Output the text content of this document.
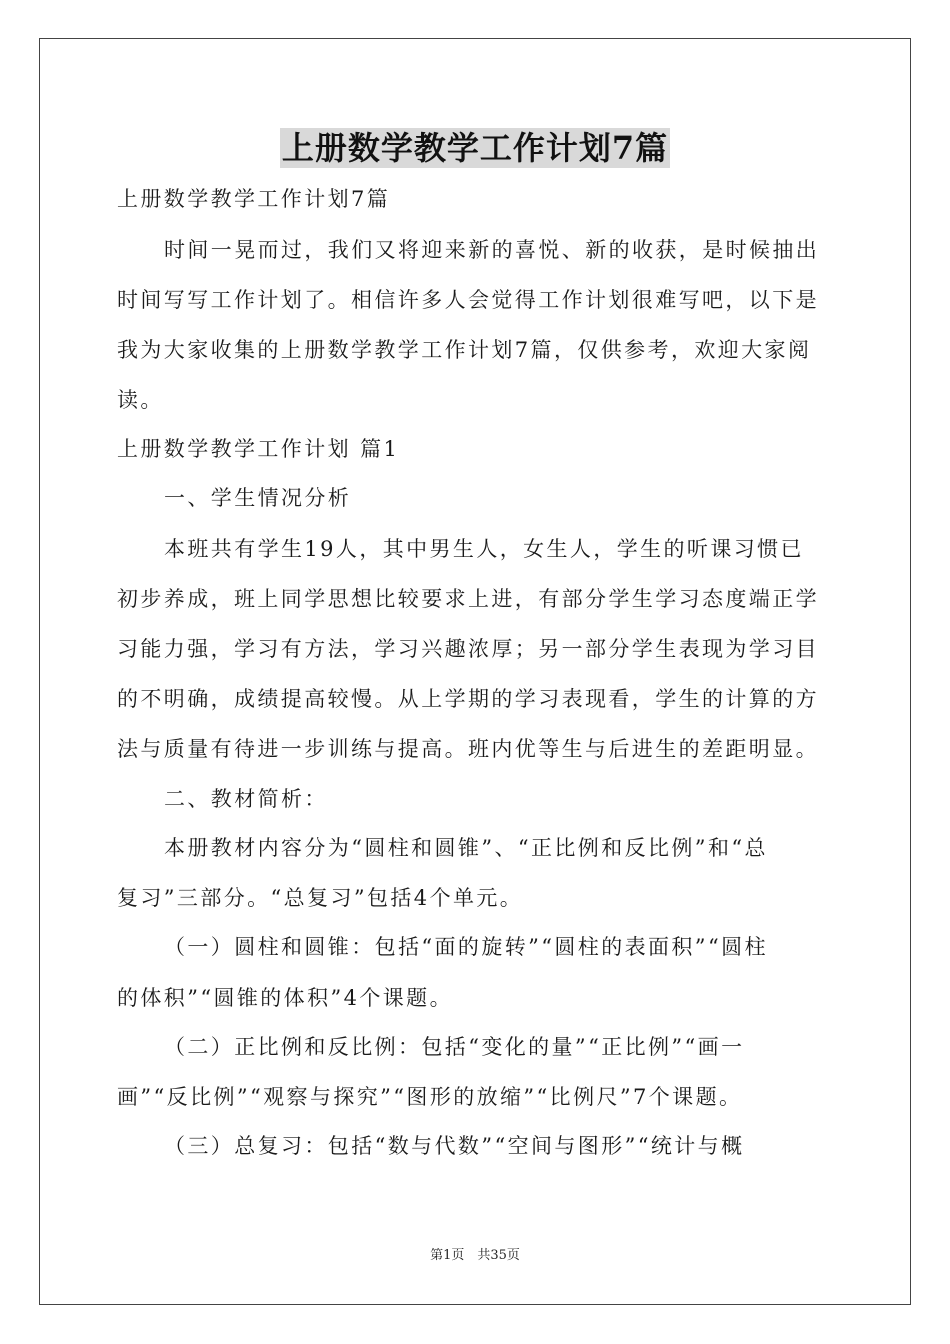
上册数学教学工作计划7篇
上册数学教学工作计划7篇
时间一晃而过，我们又将迎来新的喜悦、新的收获，是时候抽出
时间写写工作计划了。相信许多人会觉得工作计划很难写吧，以下是
我为大家收集的上册数学教学工作计划7篇，仅供参考，欢迎大家阅
读。
上册数学教学工作计划 篇1
一、学生情况分析
本班共有学生19人，其中男生人，女生人，学生的听课习惯已
初步养成，班上同学思想比较要求上进，有部分学生学习态度端正学
习能力强，学习有方法，学习兴趣浓厚；另一部分学生表现为学习目
的不明确，成绩提高较慢。从上学期的学习表现看，学生的计算的方
法与质量有待进一步训练与提高。班内优等生与后进生的差距明显。
二、教材简析：
本册教材内容分为“圆柱和圆锥”、“正比例和反比例”和“总
复习”三部分。“总复习”包括4个单元。
（一）圆柱和圆锥：包括“面的旋转”“圆柱的表面积”“圆柱
的体积”“圆锥的体积”4个课题。
（二）正比例和反比例：包括“变化的量”“正比例”“画一
画”“反比例”“观察与探究”“图形的放缩”“比例尺”7个课题。
（三）总复习：包括“数与代数”“空间与图形”“统计与概
第1页　共35页
